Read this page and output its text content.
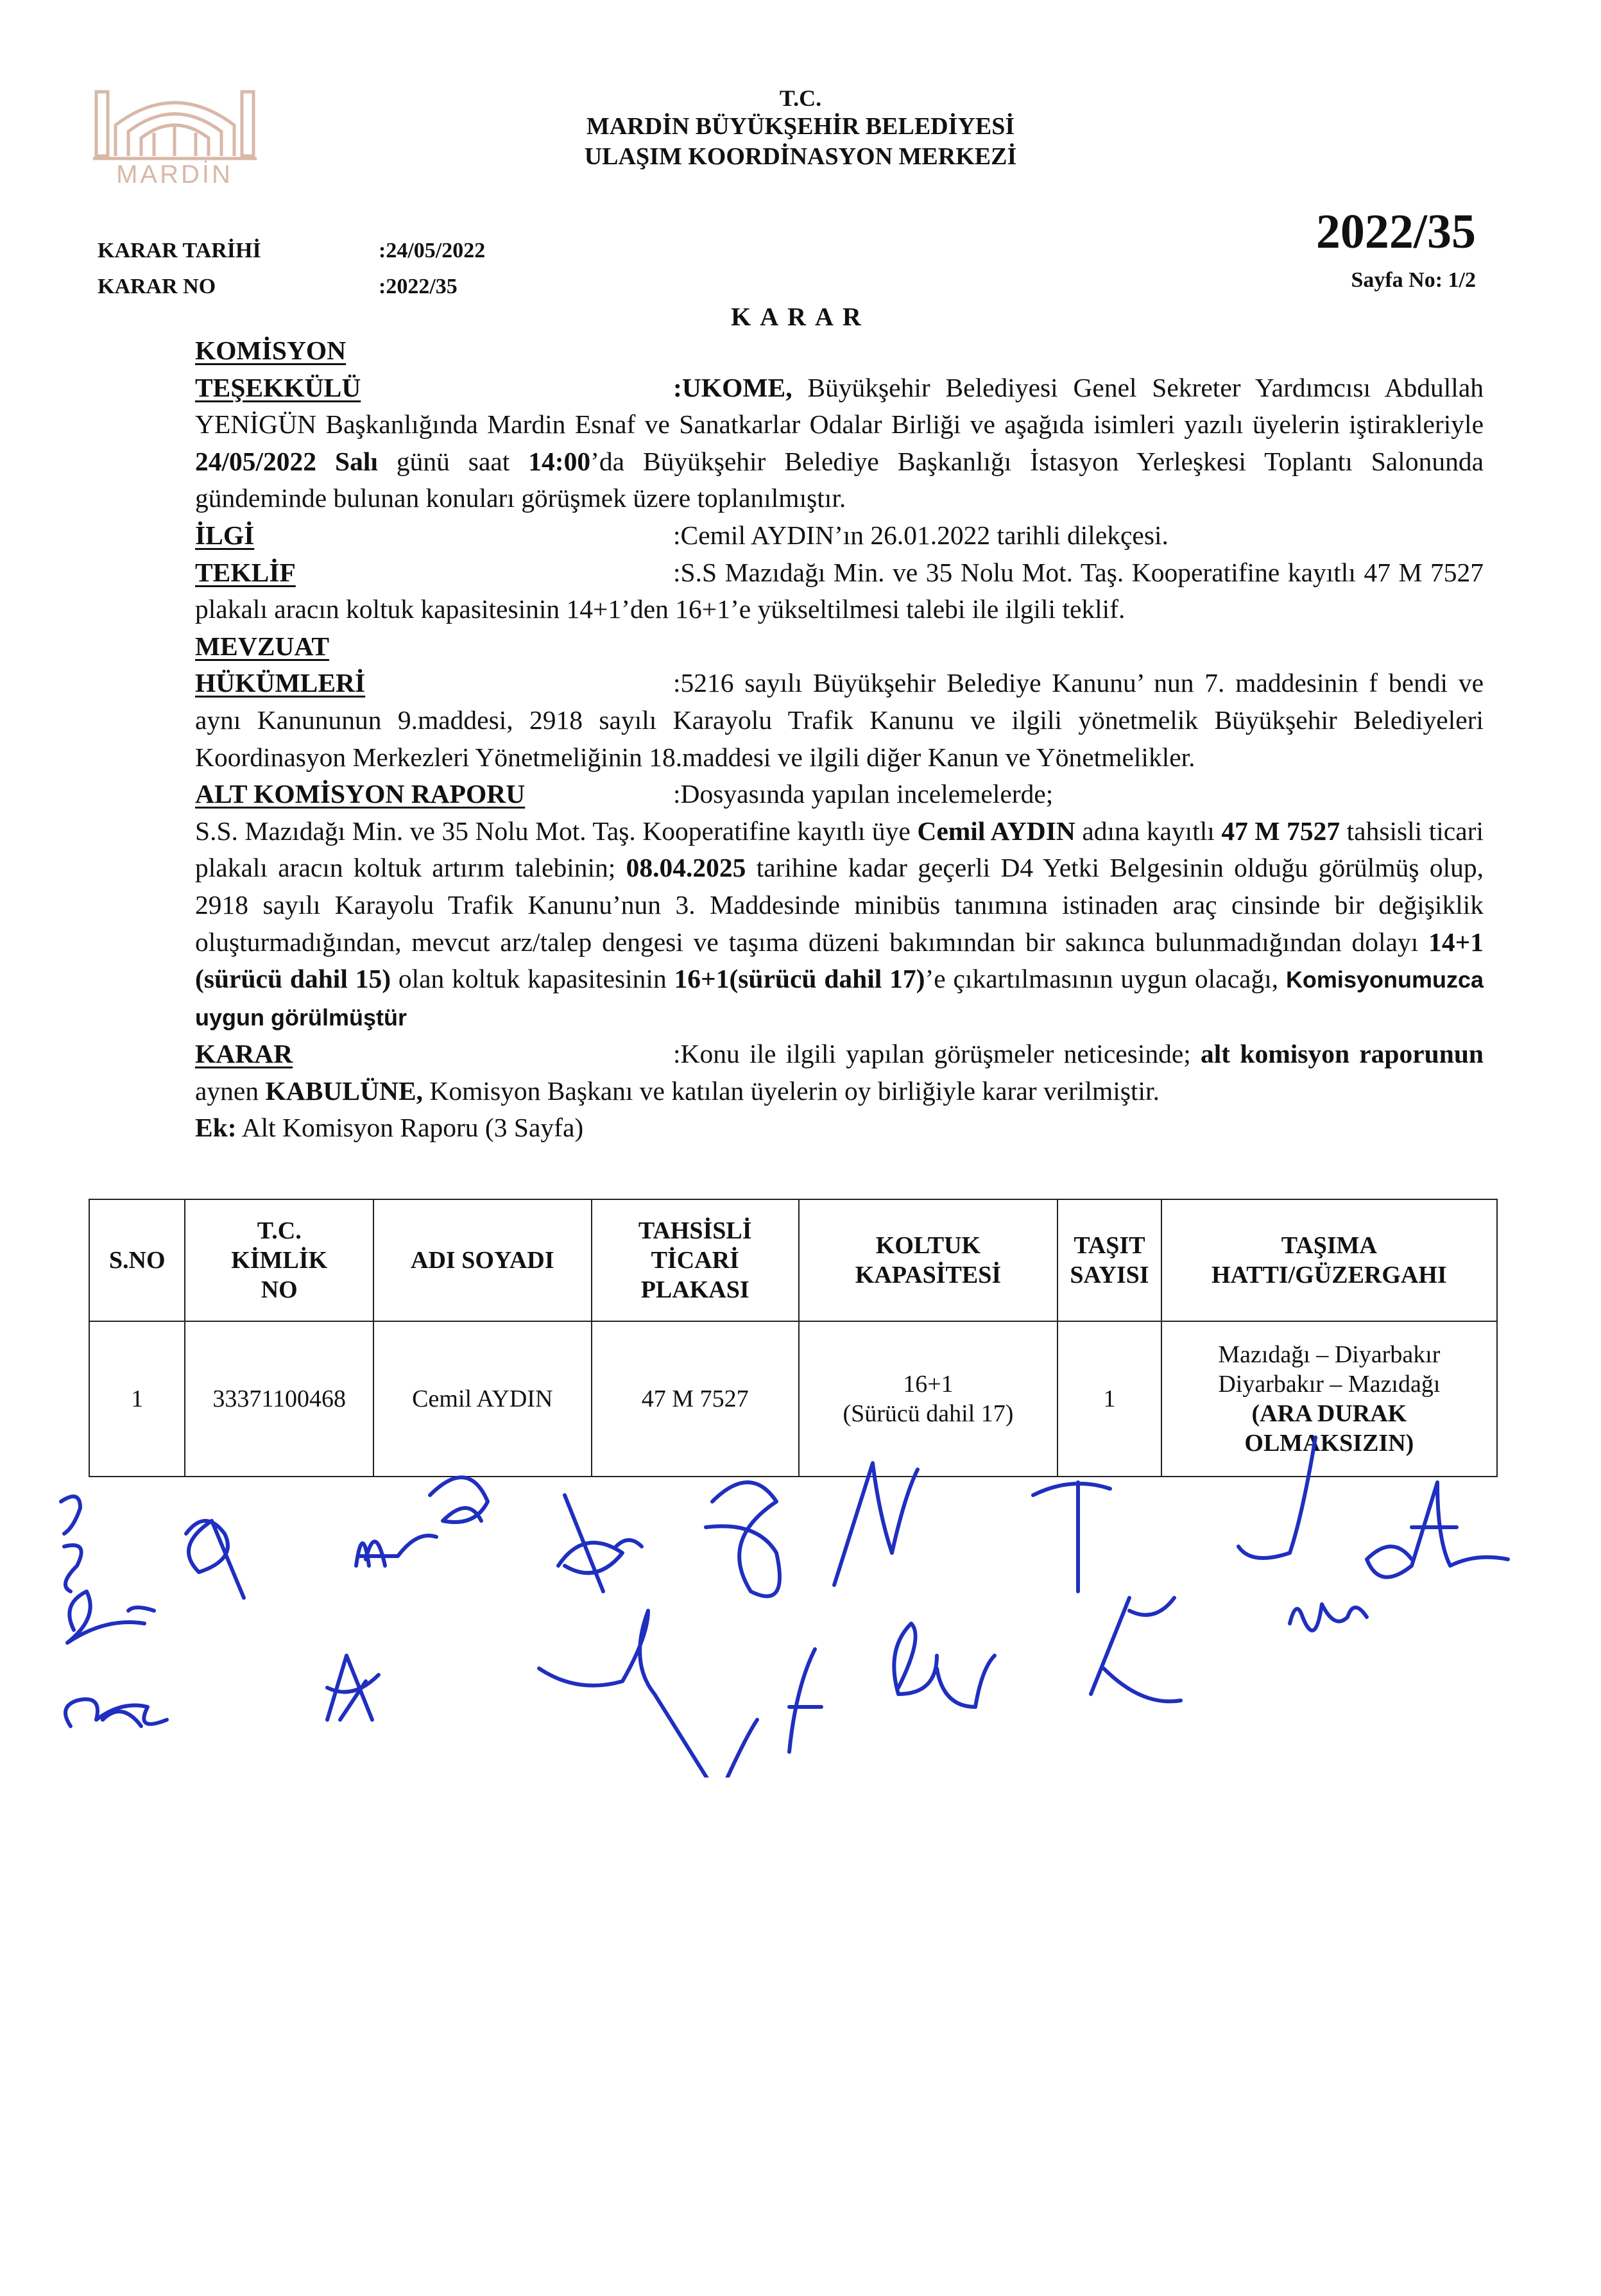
MARDİN
T.C.
MARDİN BÜYÜKŞEHİR BELEDİYESİ
ULAŞIM KOORDİNASYON MERKEZİ
KARAR TARİHİ	:24/05/2022
KARAR NO	:2022/35
2022/35
Sayfa No: 1/2
KARAR
KOMİSYON

TEŞEKKÜLÜ	:UKOME, Büyükşehir Belediyesi Genel Sekreter Yardımcısı Abdullah YENİGÜN Başkanlığında Mardin Esnaf ve Sanatkarlar Odalar Birliği ve aşağıda isimleri yazılı üyelerin iştirakleriyle 24/05/2022 Salı günü saat 14:00’da Büyükşehir Belediye Başkanlığı İstasyon Yerleşkesi Toplantı Salonunda gündeminde bulunan konuları görüşmek üzere toplanılmıştır.

İLGİ	:Cemil AYDIN’ın 26.01.2022 tarihli dilekçesi.

TEKLİF	:S.S Mazıdağı Min. ve 35 Nolu Mot. Taş. Kooperatifine kayıtlı 47 M 7527 plakalı aracın koltuk kapasitesinin 14+1’den 16+1’e yükseltilmesi talebi ile ilgili teklif.

MEVZUAT

HÜKÜMLERİ	:5216 sayılı Büyükşehir Belediye Kanunu’ nun 7. maddesinin f bendi ve aynı Kanununun 9.maddesi, 2918 sayılı Karayolu Trafik Kanunu ve ilgili yönetmelik Büyükşehir Belediyeleri Koordinasyon Merkezleri Yönetmeliğinin 18.maddesi ve ilgili diğer Kanun ve Yönetmelikler.

ALT KOMİSYON RAPORU	:Dosyasında yapılan incelemelerde;

S.S. Mazıdağı Min. ve 35 Nolu Mot. Taş. Kooperatifine kayıtlı üye Cemil AYDIN adına kayıtlı 47 M 7527 tahsisli ticari plakalı aracın koltuk artırım talebinin; 08.04.2025 tarihine kadar geçerli D4 Yetki Belgesinin olduğu görülmüş olup, 2918 sayılı Karayolu Trafik Kanunu’nun 3. Maddesinde minibüs tanımına istinaden araç cinsinde bir değişiklik oluşturmadığından, mevcut arz/talep dengesi ve taşıma düzeni bakımından bir sakınca bulunmadığından dolayı 14+1 (sürücü dahil 15) olan koltuk kapasitesinin 16+1(sürücü dahil 17)’e çıkartılmasının uygun olacağı, Komisyonumuzca uygun görülmüştür

KARAR	:Konu ile ilgili yapılan görüşmeler neticesinde; alt komisyon raporunun aynen KABULÜNE, Komisyon Başkanı ve katılan üyelerin oy birliğiyle karar verilmiştir.

Ek: Alt Komisyon Raporu (3 Sayfa)

S.NO	T.C.
KİMLİK
NO	ADI SOYADI	TAHSİSLİ
TİCARİ
PLAKASI	KOLTUK
KAPASİTESİ	TAŞIT
SAYISI	TAŞIMA
HATTI/GÜZERGAHI
1	33371100468	Cemil AYDIN	47 M 7527	16+1
(Sürücü dahil 17)	1	Mazıdağı – Diyarbakır
Diyarbakır – Mazıdağı
(ARA DURAK
OLMAKSIZIN)
